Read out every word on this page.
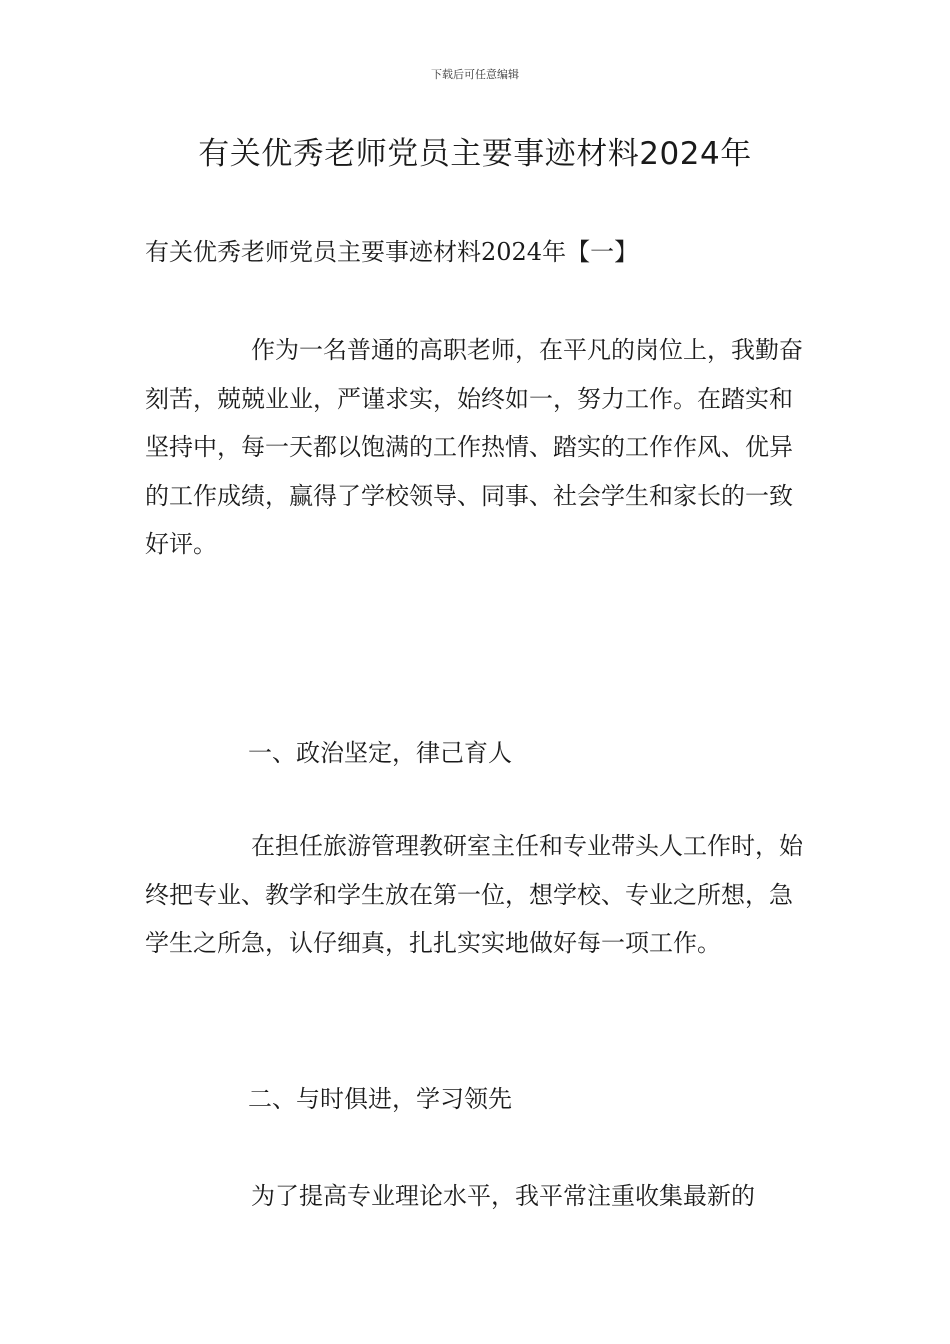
下载后可任意编辑
有关优秀老师党员主要事迹材料2024年

有关优秀老师党员主要事迹材料2024年【一】

作为一名普通的高职老师，在平凡的岗位上，我勤奋刻苦，兢兢业业，严谨求实，始终如一，努力工作。在踏实和坚持中，每一天都以饱满的工作热情、踏实的工作作风、优异的工作成绩，赢得了学校领导、同事、社会学生和家长的一致好评。

一、政治坚定，律己育人

在担任旅游管理教研室主任和专业带头人工作时，始终把专业、教学和学生放在第一位，想学校、专业之所想，急学生之所急，认仔细真，扎扎实实地做好每一项工作。

二、与时俱进，学习领先

为了提高专业理论水平，我平常注重收集最新的
